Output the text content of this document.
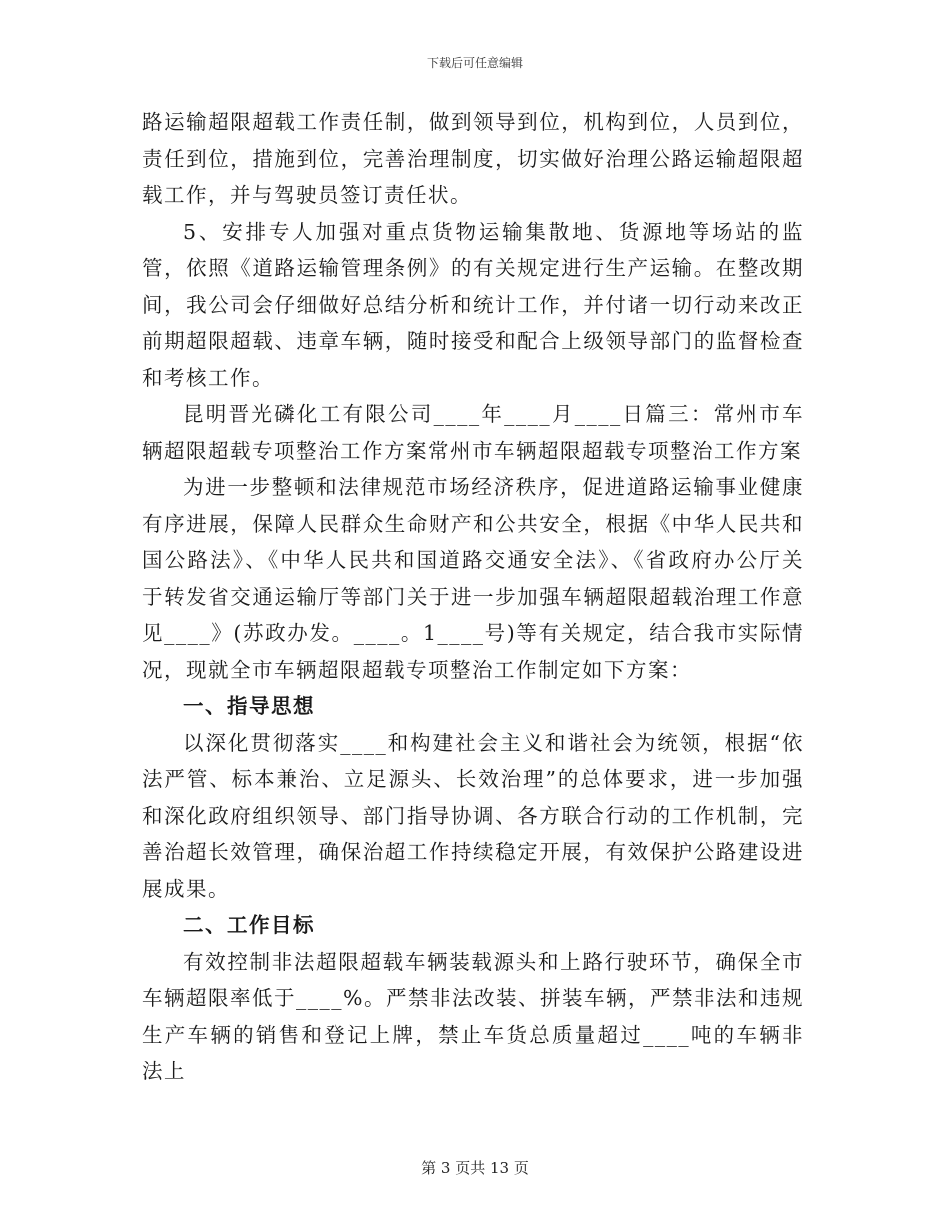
下载后可任意编辑

路运输超限超载工作责任制，做到领导到位，机构到位，人员到位，责任到位，措施到位，完善治理制度，切实做好治理公路运输超限超载工作，并与驾驶员签订责任状。

5、安排专人加强对重点货物运输集散地、货源地等场站的监管，依照《道路运输管理条例》的有关规定进行生产运输。在整改期间，我公司会仔细做好总结分析和统计工作，并付诸一切行动来改正前期超限超载、违章车辆，随时接受和配合上级领导部门的监督检查和考核工作。

昆明晋光磷化工有限公司____年____月____日篇三：常州市车辆超限超载专项整治工作方案常州市车辆超限超载专项整治工作方案

为进一步整顿和法律规范市场经济秩序，促进道路运输事业健康有序进展，保障人民群众生命财产和公共安全，根据《中华人民共和国公路法》、《中华人民共和国道路交通安全法》、《省政府办公厅关于转发省交通运输厅等部门关于进一步加强车辆超限超载治理工作意见____》(苏政办发。____。1____号)等有关规定，结合我市实际情况，现就全市车辆超限超载专项整治工作制定如下方案：

一、指导思想

以深化贯彻落实____和构建社会主义和谐社会为统领，根据“依法严管、标本兼治、立足源头、长效治理”的总体要求，进一步加强和深化政府组织领导、部门指导协调、各方联合行动的工作机制，完善治超长效管理，确保治超工作持续稳定开展，有效保护公路建设进展成果。

二、工作目标

有效控制非法超限超载车辆装载源头和上路行驶环节，确保全市车辆超限率低于____%。严禁非法改装、拼装车辆，严禁非法和违规生产车辆的销售和登记上牌，禁止车货总质量超过____吨的车辆非法上

第 3 页共 13 页
